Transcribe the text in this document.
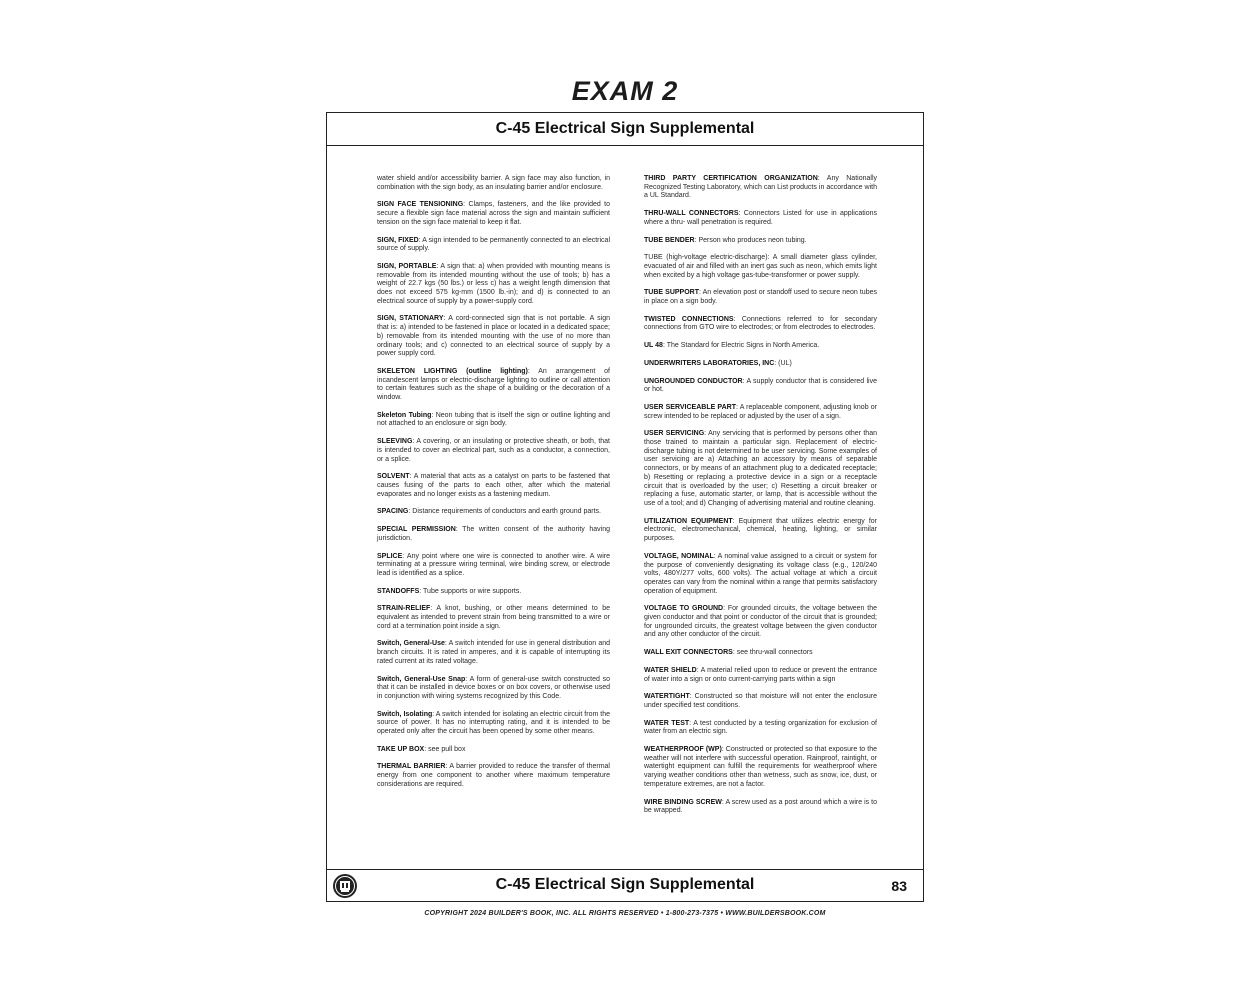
EXAM 2
C-45 Electrical Sign Supplemental

water shield and/or accessibility barrier. A sign face may also function, in combination with the sign body, as an insulating barrier and/or enclosure.

SIGN FACE TENSIONING: Clamps, fasteners, and the like provided to secure a flexible sign face material across the sign and maintain sufficient tension on the sign face material to keep it flat.

SIGN, FIXED: A sign intended to be permanently connected to an electrical source of supply.

SIGN, PORTABLE: A sign that: a) when provided with mounting means is removable from its intended mounting without the use of tools; b) has a weight of 22.7 kgs (50 lbs.) or less c) has a weight length dimension that does not exceed 575 kg-mm (1500 lb.-in); and d) is connected to an electrical source of supply by a power-supply cord.

SIGN, STATIONARY: A cord-connected sign that is not portable. A sign that is: a) intended to be fastened in place or located in a dedicated space; b) removable from its intended mounting with the use of no more than ordinary tools; and c) connected to an electrical source of supply by a power supply cord.

SKELETON LIGHTING (outline lighting): An arrangement of incandescent lamps or electric-discharge lighting to outline or call attention to certain features such as the shape of a building or the decoration of a window.

Skeleton Tubing: Neon tubing that is itself the sign or outline lighting and not attached to an enclosure or sign body.

SLEEVING: A covering, or an insulating or protective sheath, or both, that is intended to cover an electrical part, such as a conductor, a connection, or a splice.

SOLVENT: A material that acts as a catalyst on parts to be fastened that causes fusing of the parts to each other, after which the material evaporates and no longer exists as a fastening medium.

SPACING: Distance requirements of conductors and earth ground parts.

SPECIAL PERMISSION: The written consent of the authority having jurisdiction.

SPLICE: Any point where one wire is connected to another wire. A wire terminating at a pressure wiring terminal, wire binding screw, or electrode lead is identified as a splice.

STANDOFFS: Tube supports or wire supports.

STRAIN-RELIEF: A knot, bushing, or other means determined to be equivalent as intended to prevent strain from being transmitted to a wire or cord at a termination point inside a sign.

Switch, General-Use: A switch intended for use in general distribution and branch circuits. It is rated in amperes, and it is capable of interrupting its rated current at its rated voltage.

Switch, General-Use Snap: A form of general-use switch constructed so that it can be installed in device boxes or on box covers, or otherwise used in conjunction with wiring systems recognized by this Code.

Switch, Isolating: A switch intended for isolating an electric circuit from the source of power. It has no interrupting rating, and it is intended to be operated only after the circuit has been opened by some other means.

TAKE UP BOX: see pull box

THERMAL BARRIER: A barrier provided to reduce the transfer of thermal energy from one component to another where maximum temperature considerations are required.

THIRD PARTY CERTIFICATION ORGANIZATION: Any Nationally Recognized Testing Laboratory, which can List products in accordance with a UL Standard.

THRU-WALL CONNECTORS: Connectors Listed for use in applications where a thru- wall penetration is required.

TUBE BENDER: Person who produces neon tubing.

TUBE (high-voltage electric-discharge): A small diameter glass cylinder, evacuated of air and filled with an inert gas such as neon, which emits light when excited by a high voltage gas-tube-transformer or power supply.

TUBE SUPPORT: An elevation post or standoff used to secure neon tubes in place on a sign body.

TWISTED CONNECTIONS: Connections referred to for secondary connections from GTO wire to electrodes; or from electrodes to electrodes.

UL 48: The Standard for Electric Signs in North America.

UNDERWRITERS LABORATORIES, INC: (UL)

UNGROUNDED CONDUCTOR: A supply conductor that is considered live or hot.

USER SERVICEABLE PART: A replaceable component, adjusting knob or screw intended to be replaced or adjusted by the user of a sign.

USER SERVICING: Any servicing that is performed by persons other than those trained to maintain a particular sign. Replacement of electric-discharge tubing is not determined to be user servicing. Some examples of user servicing are a) Attaching an accessory by means of separable connectors, or by means of an attachment plug to a dedicated receptacle; b) Resetting or replacing a protective device in a sign or a receptacle circuit that is overloaded by the user; c) Resetting a circuit breaker or replacing a fuse, automatic starter, or lamp, that is accessible without the use of a tool; and d) Changing of advertising material and routine cleaning.

UTILIZATION EQUIPMENT: Equipment that utilizes electric energy for electronic, electromechanical, chemical, heating, lighting, or similar purposes.

VOLTAGE, NOMINAL: A nominal value assigned to a circuit or system for the purpose of conveniently designating its voltage class (e.g., 120/240 volts, 480Y/277 volts, 600 volts). The actual voltage at which a circuit operates can vary from the nominal within a range that permits satisfactory operation of equipment.

VOLTAGE TO GROUND: For grounded circuits, the voltage between the given conductor and that point or conductor of the circuit that is grounded; for ungrounded circuits, the greatest voltage between the given conductor and any other conductor of the circuit.

WALL EXIT CONNECTORS: see thru-wall connectors

WATER SHIELD: A material relied upon to reduce or prevent the entrance of water into a sign or onto current-carrying parts within a sign

WATERTIGHT: Constructed so that moisture will not enter the enclosure under specified test conditions.

WATER TEST: A test conducted by a testing organization for exclusion of water from an electric sign.

WEATHERPROOF (WP): Constructed or protected so that exposure to the weather will not interfere with successful operation. Rainproof, raintight, or watertight equipment can fulfill the requirements for weatherproof where varying weather conditions other than wetness, such as snow, ice, dust, or temperature extremes, are not a factor.

WIRE BINDING SCREW: A screw used as a post around which a wire is to be wrapped.

C-45 Electrical Sign Supplemental	83
COPYRIGHT 2024 BUILDER'S BOOK, INC. ALL RIGHTS RESERVED • 1-800-273-7375 • WWW.BUILDERSBOOK.COM
